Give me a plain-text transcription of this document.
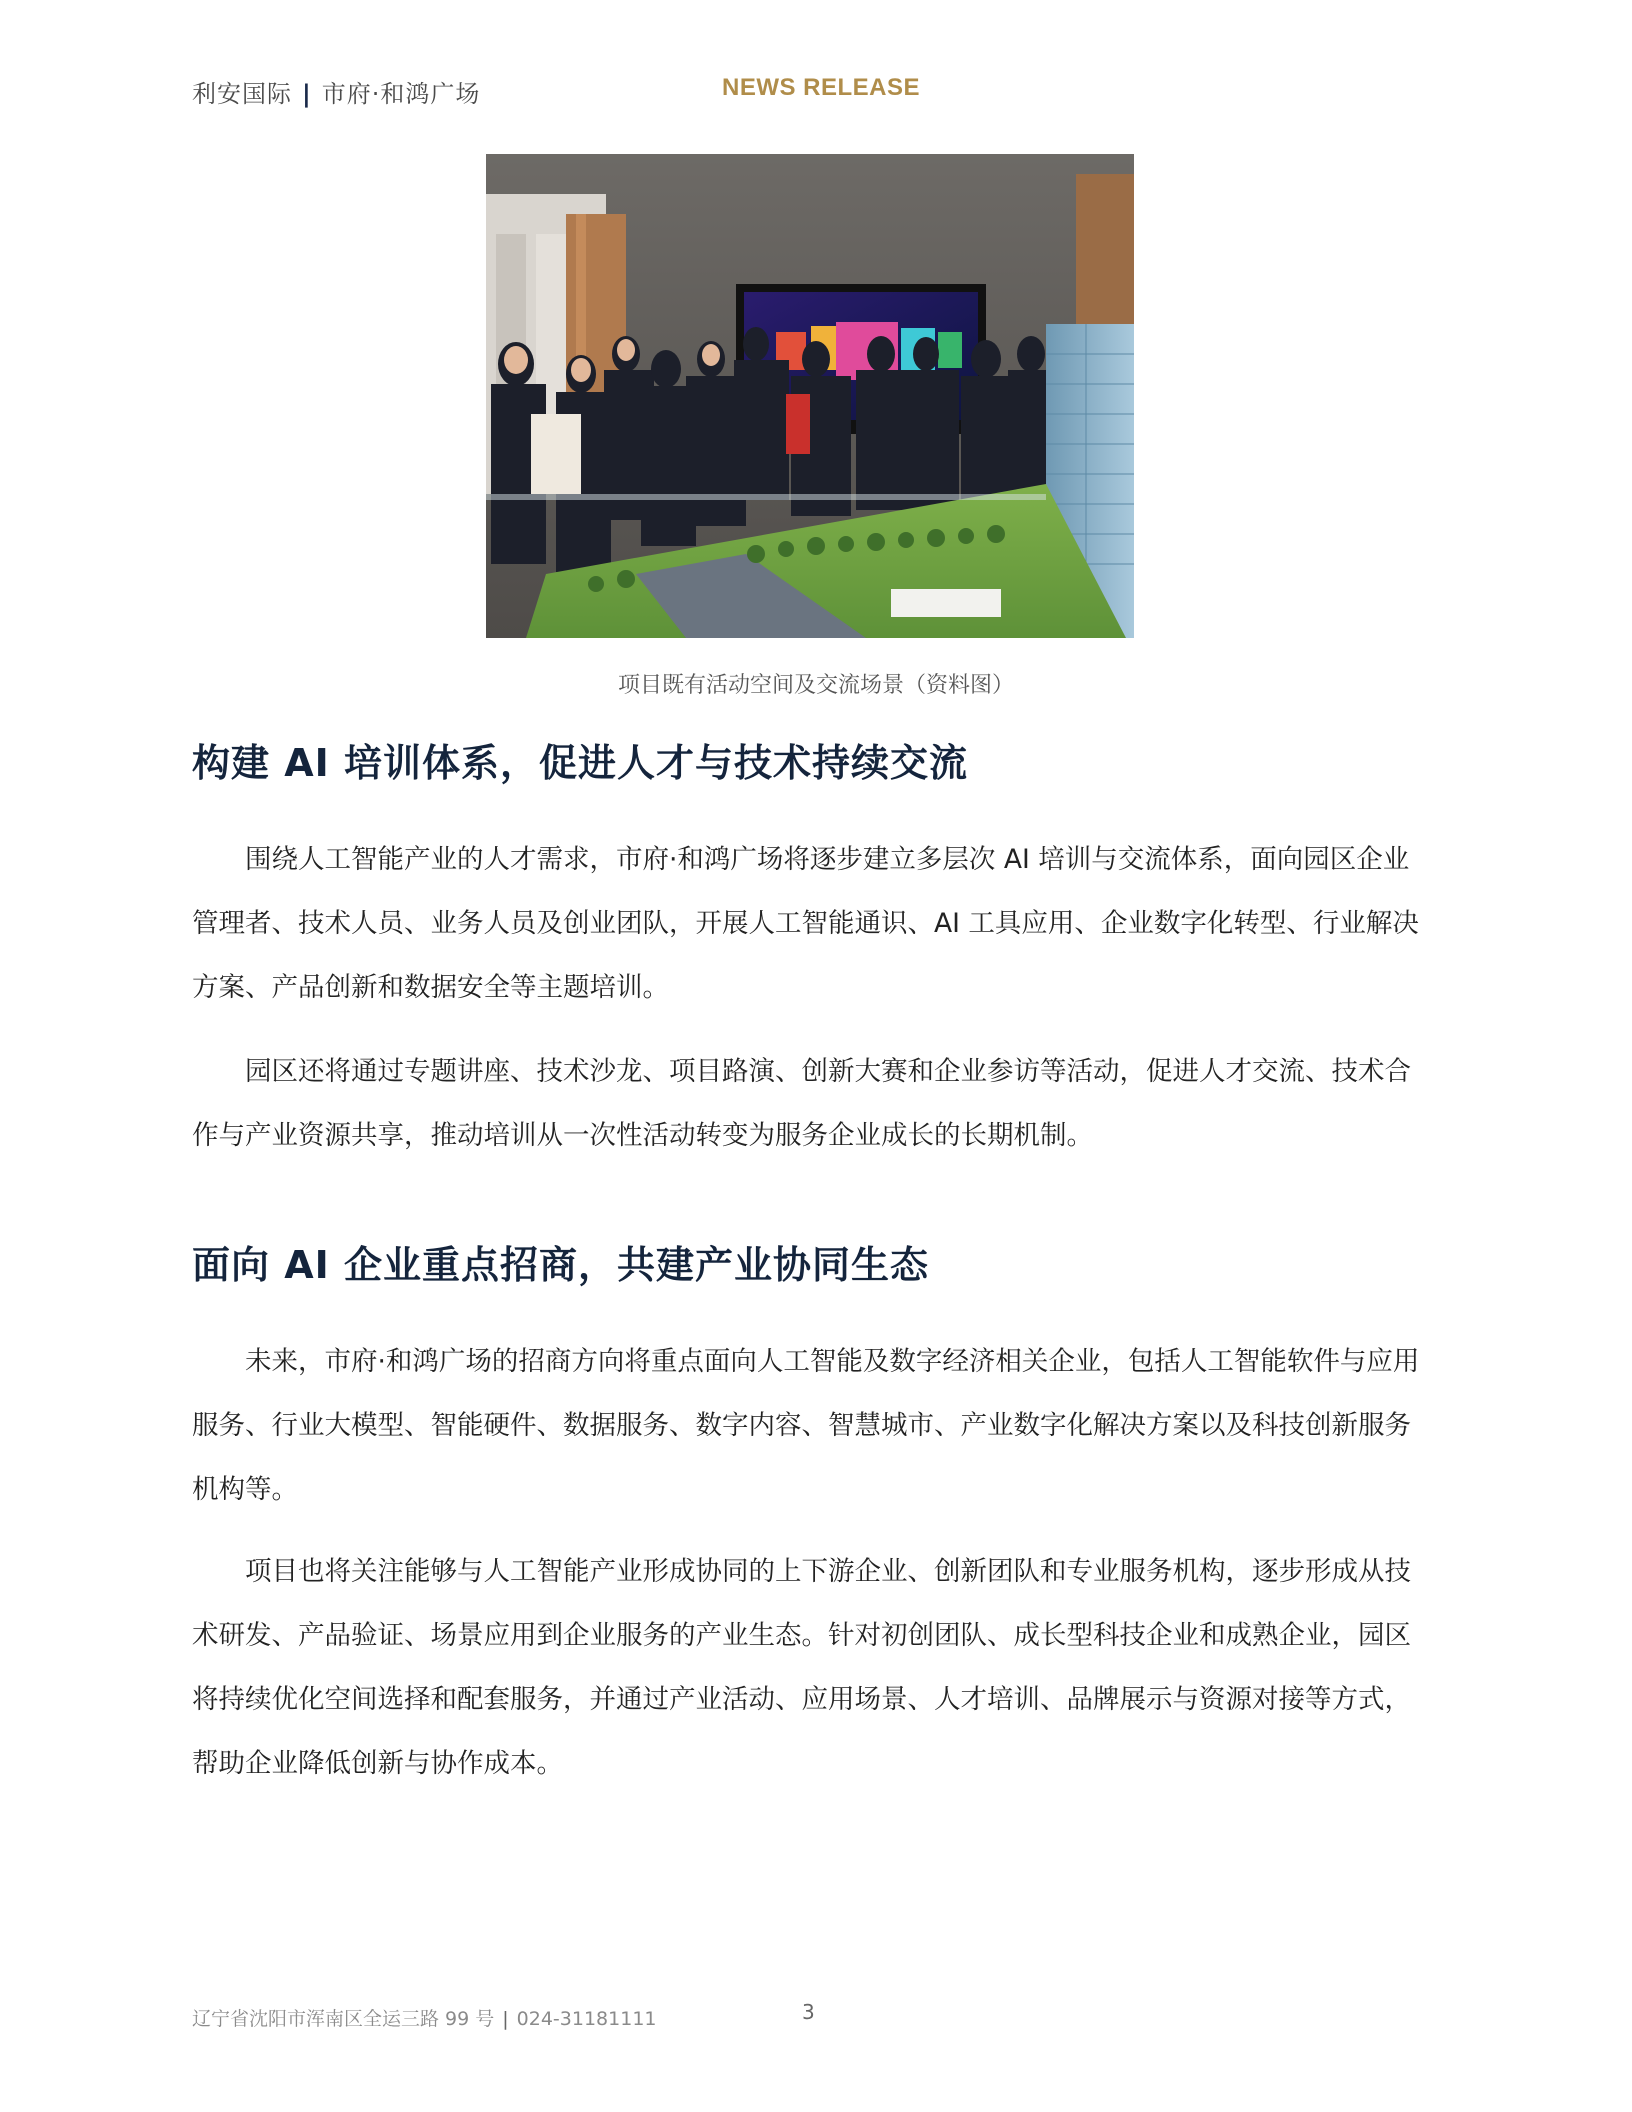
利安国际 | 市府·和鸿广场	NEWS RELEASE
项目既有活动空间及交流场景（资料图）
构建 AI 培训体系，促进人才与技术持续交流

围绕人工智能产业的人才需求，市府·和鸿广场将逐步建立多层次 AI 培训与交流体系，面向园区企业管理者、技术人员、业务人员及创业团队，开展人工智能通识、AI 工具应用、企业数字化转型、行业解决方案、产品创新和数据安全等主题培训。

园区还将通过专题讲座、技术沙龙、项目路演、创新大赛和企业参访等活动，促进人才交流、技术合作与产业资源共享，推动培训从一次性活动转变为服务企业成长的长期机制。

面向 AI 企业重点招商，共建产业协同生态

未来，市府·和鸿广场的招商方向将重点面向人工智能及数字经济相关企业，包括人工智能软件与应用服务、行业大模型、智能硬件、数据服务、数字内容、智慧城市、产业数字化解决方案以及科技创新服务机构等。

项目也将关注能够与人工智能产业形成协同的上下游企业、创新团队和专业服务机构，逐步形成从技术研发、产品验证、场景应用到企业服务的产业生态。针对初创团队、成长型科技企业和成熟企业，园区将持续优化空间选择和配套服务，并通过产业活动、应用场景、人才培训、品牌展示与资源对接等方式，帮助企业降低创新与协作成本。

辽宁省沈阳市浑南区全运三路 99 号 | 024-31181111	3
